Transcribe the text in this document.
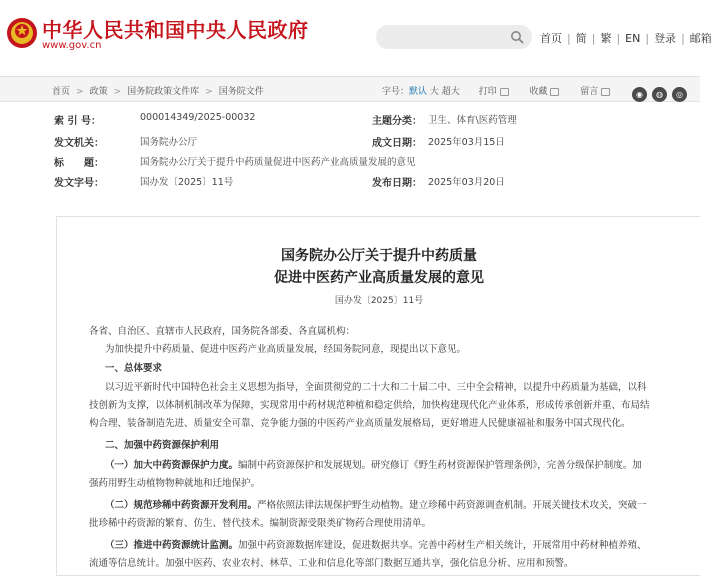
中华人民共和国中央人民政府
www.gov.cn
首页 | 简 | 繁 | EN | 登录 | 邮箱
首页 > 政策 > 国务院政策文件库 > 国务院文件	字号：默认 大 超大 打印	收藏	留言	◉ ◍ ◎
索 引 号：	000014349/2025-00032	主题分类： 卫生、体育\医药管理
发文机关：	国务院办公厅	成文日期： 2025年03月15日
标　　题：	国务院办公厅关于提升中药质量促进中医药产业高质量发展的意见
发文字号：	国办发〔2025〕11号	发布日期： 2025年03月20日
国务院办公厅关于提升中药质量
促进中医药产业高质量发展的意见
国办发〔2025〕11号
各省、自治区、直辖市人民政府，国务院各部委、各直属机构：
为加快提升中药质量、促进中医药产业高质量发展，经国务院同意，现提出以下意见。
一、总体要求
以习近平新时代中国特色社会主义思想为指导，全面贯彻党的二十大和二十届二中、三中全会精神，以提升中药质量为基础，以科
技创新为支撑，以体制机制改革为保障，实现常用中药材规范种植和稳定供给，加快构建现代化产业体系，形成传承创新并重、布局结
构合理、装备制造先进、质量安全可靠、竞争能力强的中医药产业高质量发展格局，更好增进人民健康福祉和服务中国式现代化。
二、加强中药资源保护利用
（一）加大中药资源保护力度。编制中药资源保护和发展规划。研究修订《野生药材资源保护管理条例》，完善分级保护制度。加
强药用野生动植物物种就地和迁地保护。
（二）规范珍稀中药资源开发利用。严格依照法律法规保护野生动植物。建立珍稀中药资源调查机制。开展关键技术攻关，突破一
批珍稀中药资源的繁育、仿生、替代技术。编制资源受限类矿物药合理使用清单。
（三）推进中药资源统计监测。加强中药资源数据库建设，促进数据共享。完善中药材生产相关统计，开展常用中药材种植养殖、
流通等信息统计。加强中医药、农业农村、林草、工业和信息化等部门数据互通共享，强化信息分析、应用和预警。
